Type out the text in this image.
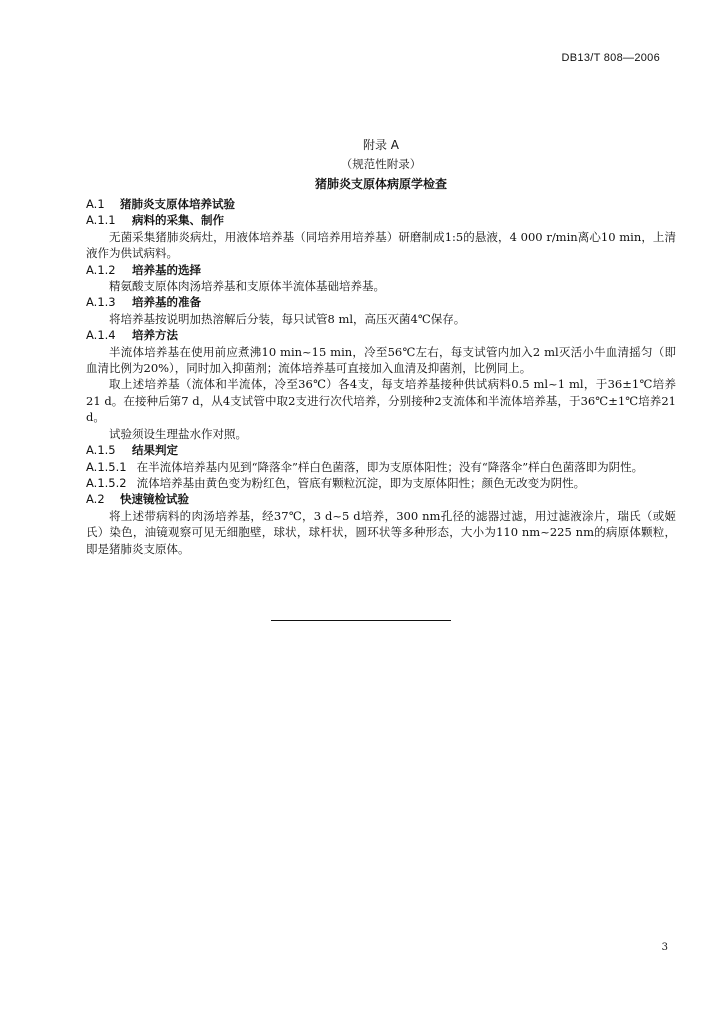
DB13/T 808—2006
附录 A
（规范性附录）
猪肺炎支原体病原学检查
A.1	猪肺炎支原体培养试验
A.1.1	病料的采集、制作
无菌采集猪肺炎病灶，用液体培养基（同培养用培养基）研磨制成1:5的悬液，4 000 r/min离心10 min，上清液作为供试病料。
A.1.2	培养基的选择
精氨酸支原体肉汤培养基和支原体半流体基础培养基。
A.1.3	培养基的准备
将培养基按说明加热溶解后分装，每只试管8 ml，高压灭菌4℃保存。
A.1.4	培养方法
半流体培养基在使用前应煮沸10 min~15 min，冷至56℃左右，每支试管内加入2 ml灭活小牛血清摇匀（即血清比例为20%），同时加入抑菌剂；流体培养基可直接加入血清及抑菌剂，比例同上。
取上述培养基（流体和半流体，冷至36℃）各4支，每支培养基接种供试病料0.5 ml~1 ml，于36±1℃培养21 d。在接种后第7 d，从4支试管中取2支进行次代培养，分别接种2支流体和半流体培养基，于36℃±1℃培养21 d。
试验须设生理盐水作对照。
A.1.5	结果判定
A.1.5.1 在半流体培养基内见到“降落伞”样白色菌落，即为支原体阳性；没有“降落伞”样白色菌落即为阴性。
A.1.5.2 流体培养基由黄色变为粉红色，管底有颗粒沉淀，即为支原体阳性；颜色无改变为阴性。
A.2	快速镜检试验
将上述带病料的肉汤培养基，经37℃，3 d~5 d培养，300 nm孔径的滤器过滤，用过滤液涂片，瑞氏（或姬氏）染色，油镜观察可见无细胞壁，球状，球杆状，圆环状等多种形态，大小为110 nm~225 nm的病原体颗粒，即是猪肺炎支原体。
3
